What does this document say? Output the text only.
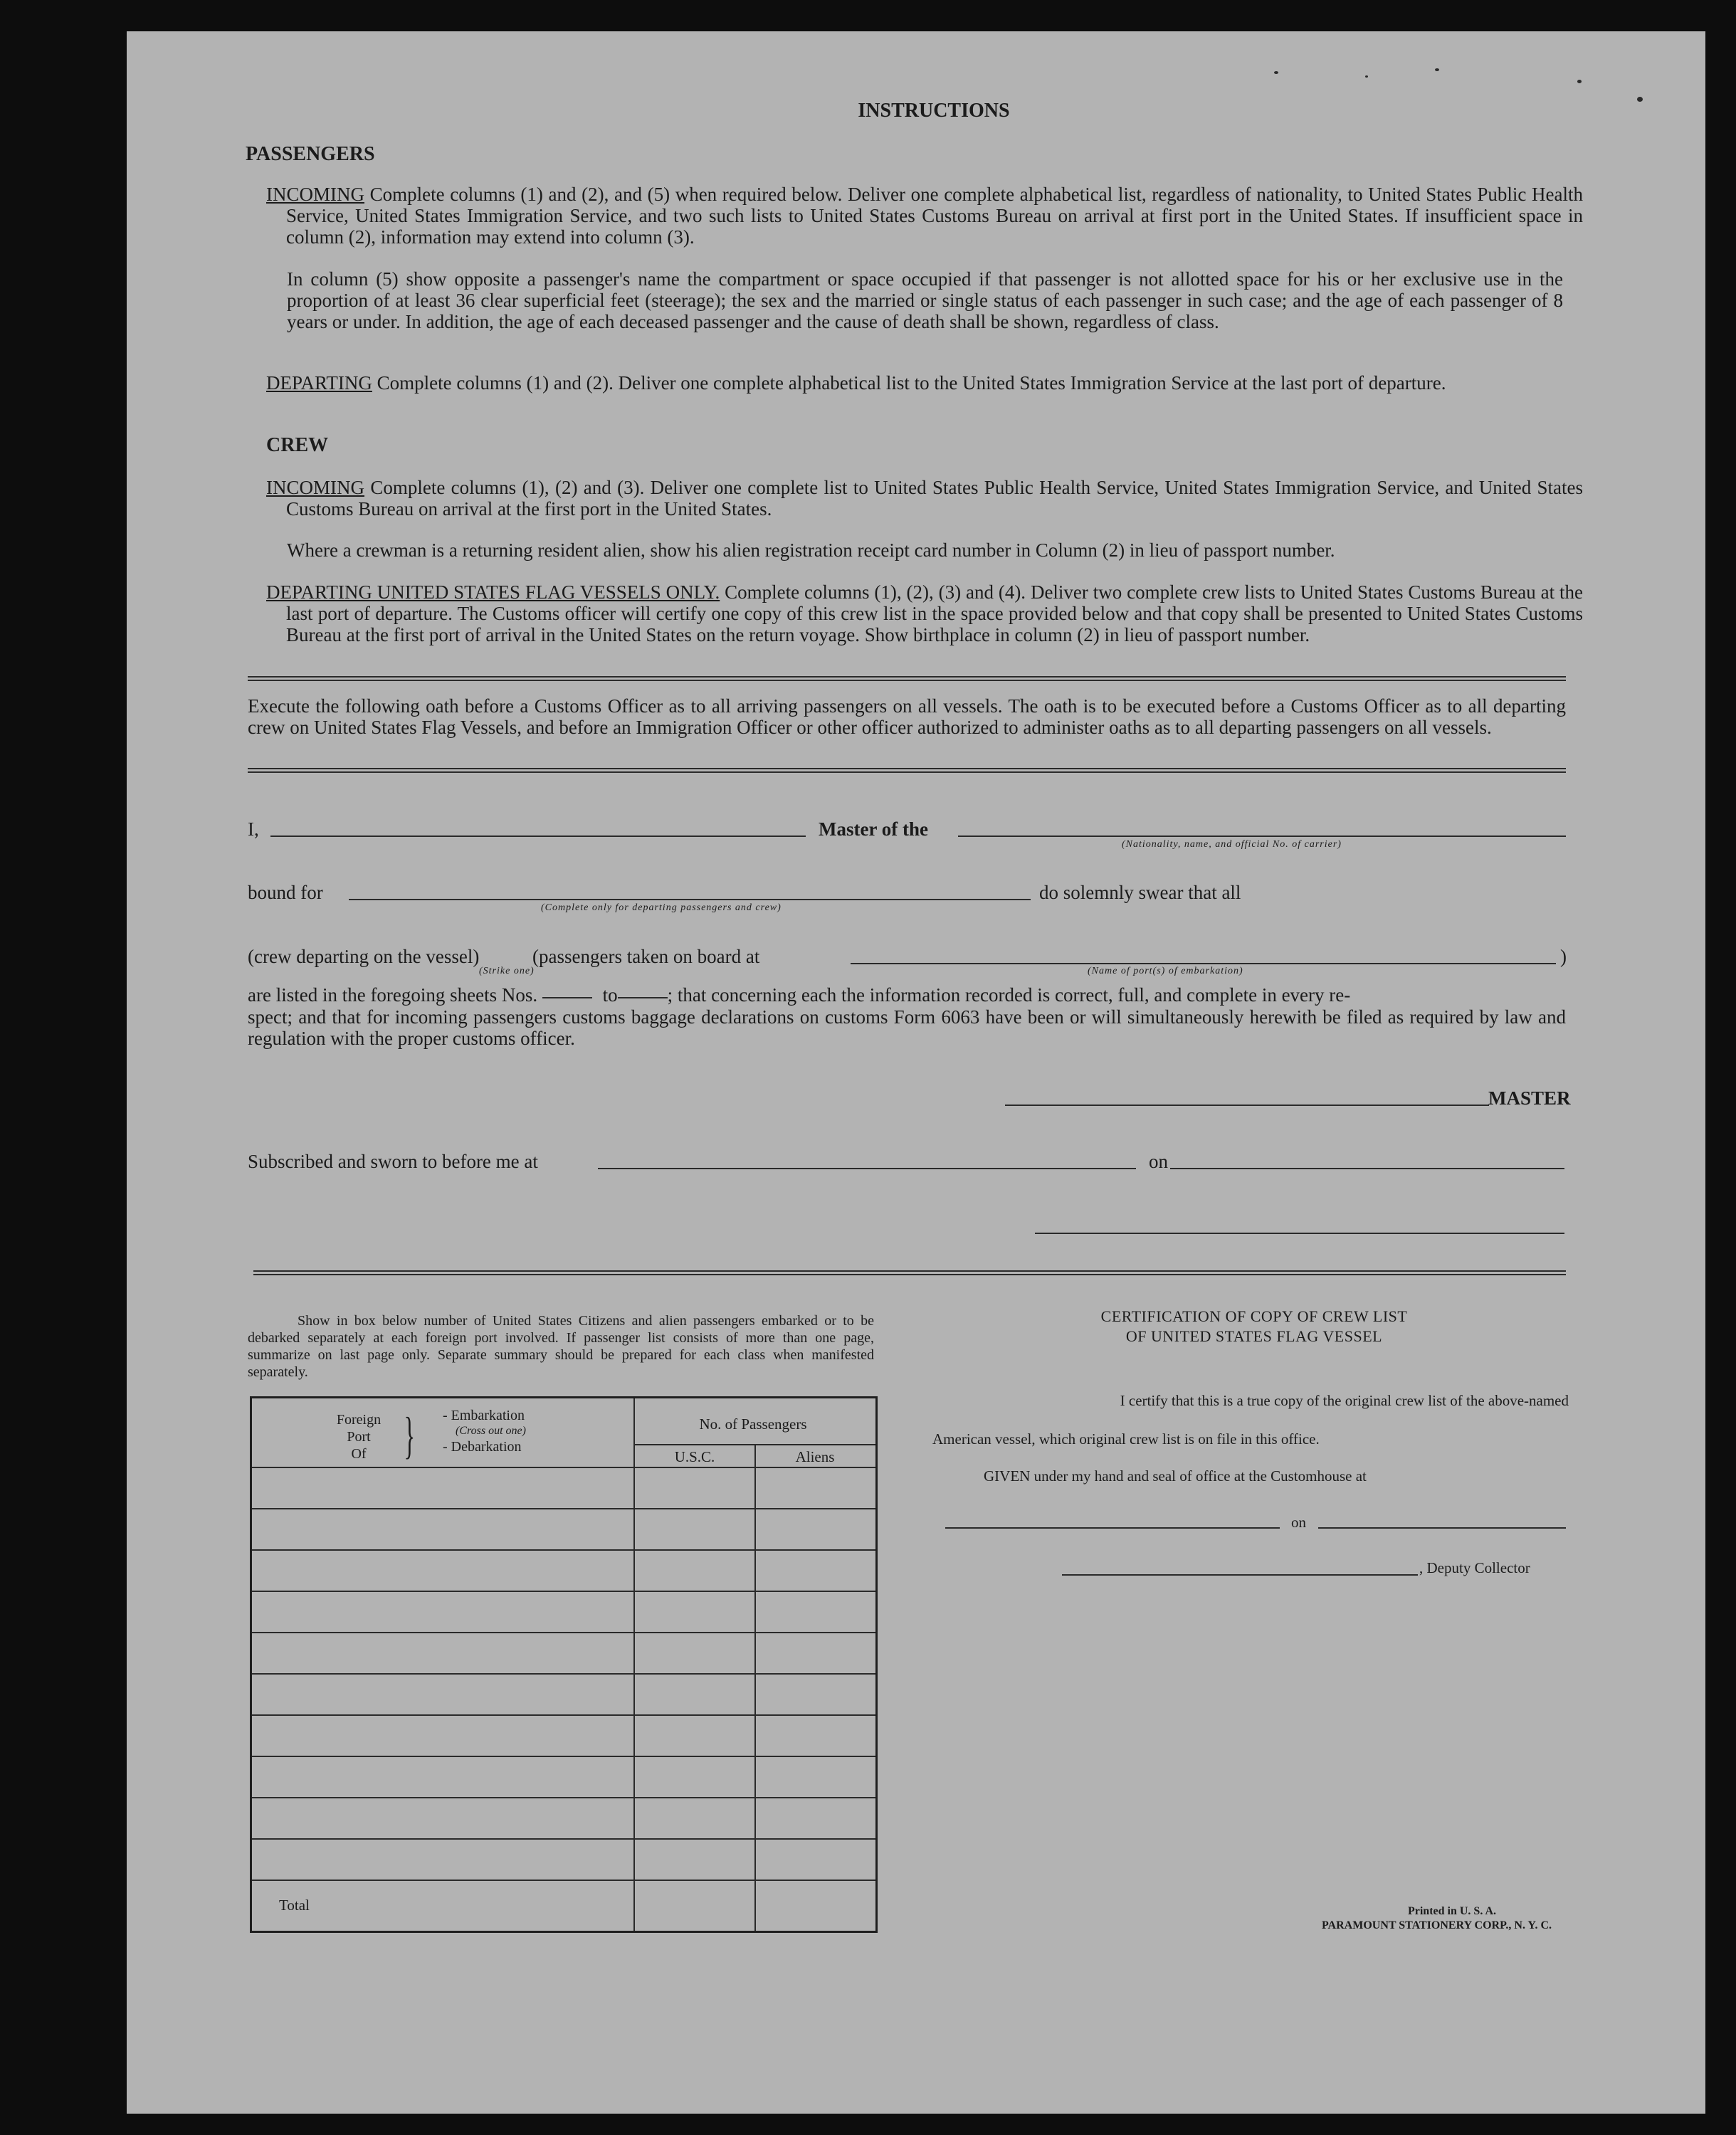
INSTRUCTIONS
PASSENGERS
INCOMING Complete columns (1) and (2), and (5) when required below. Deliver one complete alphabetical list, regardless of nationality, to United States Public Health Service, United States Immigration Service, and two such lists to United States Customs Bureau on arrival at first port in the United States. If insufficient space in column (2), information may extend into column (3).
In column (5) show opposite a passenger's name the compartment or space occupied if that passenger is not allotted space for his or her exclusive use in the proportion of at least 36 clear superficial feet (steerage); the sex and the married or single status of each passenger in such case; and the age of each passenger of 8 years or under. In addition, the age of each deceased passenger and the cause of death shall be shown, regardless of class.
DEPARTING Complete columns (1) and (2). Deliver one complete alphabetical list to the United States Immigration Service at the last port of departure.
CREW
INCOMING Complete columns (1), (2) and (3). Deliver one complete list to United States Public Health Service, United States Immigration Service, and United States Customs Bureau on arrival at the first port in the United States.
Where a crewman is a returning resident alien, show his alien registration receipt card number in Column (2) in lieu of passport number.
DEPARTING UNITED STATES FLAG VESSELS ONLY. Complete columns (1), (2), (3) and (4). Deliver two complete crew lists to United States Customs Bureau at the last port of departure. The Customs officer will certify one copy of this crew list in the space provided below and that copy shall be presented to United States Customs Bureau at the first port of arrival in the United States on the return voyage. Show birthplace in column (2) in lieu of passport number.
Execute the following oath before a Customs Officer as to all arriving passengers on all vessels. The oath is to be executed before a Customs Officer as to all departing crew on United States Flag Vessels, and before an Immigration Officer or other officer authorized to administer oaths as to all departing passengers on all vessels.
I,	Master of the
(Nationality, name, and official No. of carrier)
bound for
(Complete only for departing passengers and crew)
do solemnly swear that all
(crew departing on the vessel)	(passengers taken on board at
(Strike one)	(Name of port(s) of embarkation)
)
are listed in the foregoing sheets Nos.	to	; that concerning each the information recorded is correct, full, and complete in every re-
spect; and that for incoming passengers customs baggage declarations on customs Form 6063 have been or will simultaneously herewith be filed as required by law and regulation with the proper customs officer.
MASTER
Subscribed and sworn to before me at	on
Show in box below number of United States Citizens and alien passengers embarked or to be debarked separately at each foreign port involved. If passenger list consists of more than one page, summarize on last page only. Separate summary should be prepared for each class when manifested separately.
Foreign
Port
Of } - Embarkation
(Cross out one)
- Debarkation
No. of Passengers
U.S.C.	Aliens
Total
CERTIFICATION OF COPY OF CREW LIST
OF UNITED STATES FLAG VESSEL
I certify that this is a true copy of the original crew list of the above-named
American vessel, which original crew list is on file in this office.
GIVEN under my hand and seal of office at the Customhouse at
on
, Deputy Collector
Printed in U. S. A.
PARAMOUNT STATIONERY CORP., N. Y. C.
